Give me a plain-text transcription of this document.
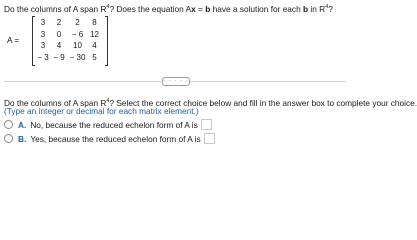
Do the columns of A span $R^4$? Does the equation Ax = b have a solution for each b in $R^4$?
A =
3	2	2	8
3	0	− 6	12
3	4	10	4
− 3	− 9	− 30	5
· · · · ·
Do the columns of A span $R^4$? Select the correct choice below and fill in the answer box to complete your choice.
(Type an integer or decimal for each matrix element.)
A. No, because the reduced echelon form of A is
B. Yes, because the reduced echelon form of A is
